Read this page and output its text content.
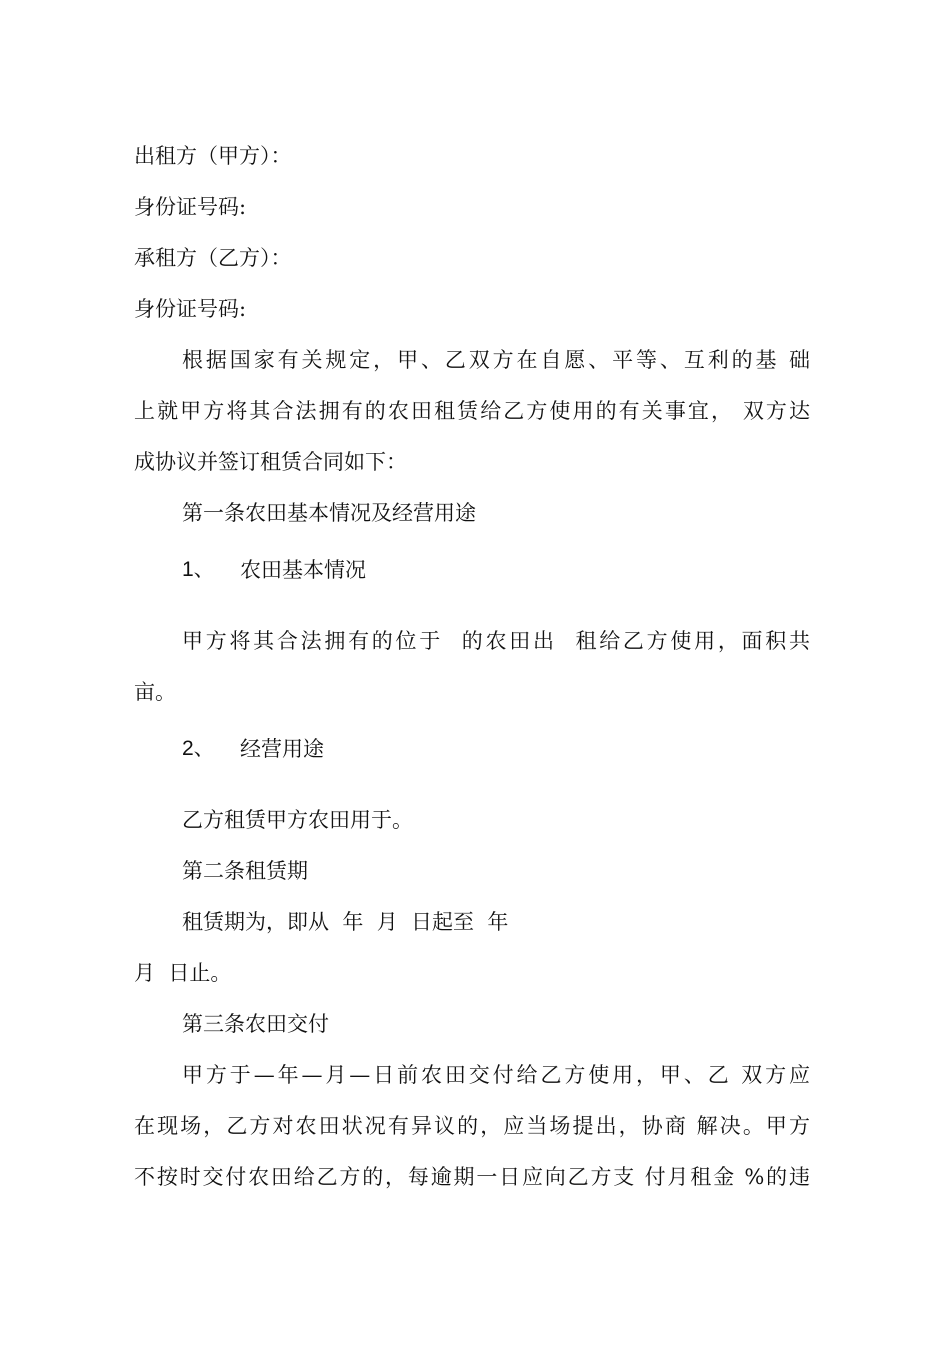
出租方（甲方）：
身份证号码:
承租方（乙方）：
身份证号码:
根据国家有关规定，甲、乙双方在自愿、平等、互利的基 础
上就甲方将其合法拥有的农田租赁给乙方使用的有关事宜， 双方达
成协议并签订租赁合同如下：
第一条农田基本情况及经营用途
1、 农田基本情况
甲方将其合法拥有的位于  的农田出  租给乙方使用，面积共
亩。
2、 经营用途
乙方租赁甲方农田用于。
第二条租赁期
租赁期为，即从  年  月  日起至  年
月  日止。
第三条农田交付
甲方于—年—月—日前农田交付给乙方使用，甲、乙 双方应
在现场，乙方对农田状况有异议的，应当场提出，协商 解决。甲方
不按时交付农田给乙方的，每逾期一日应向乙方支 付月租金 %的违
